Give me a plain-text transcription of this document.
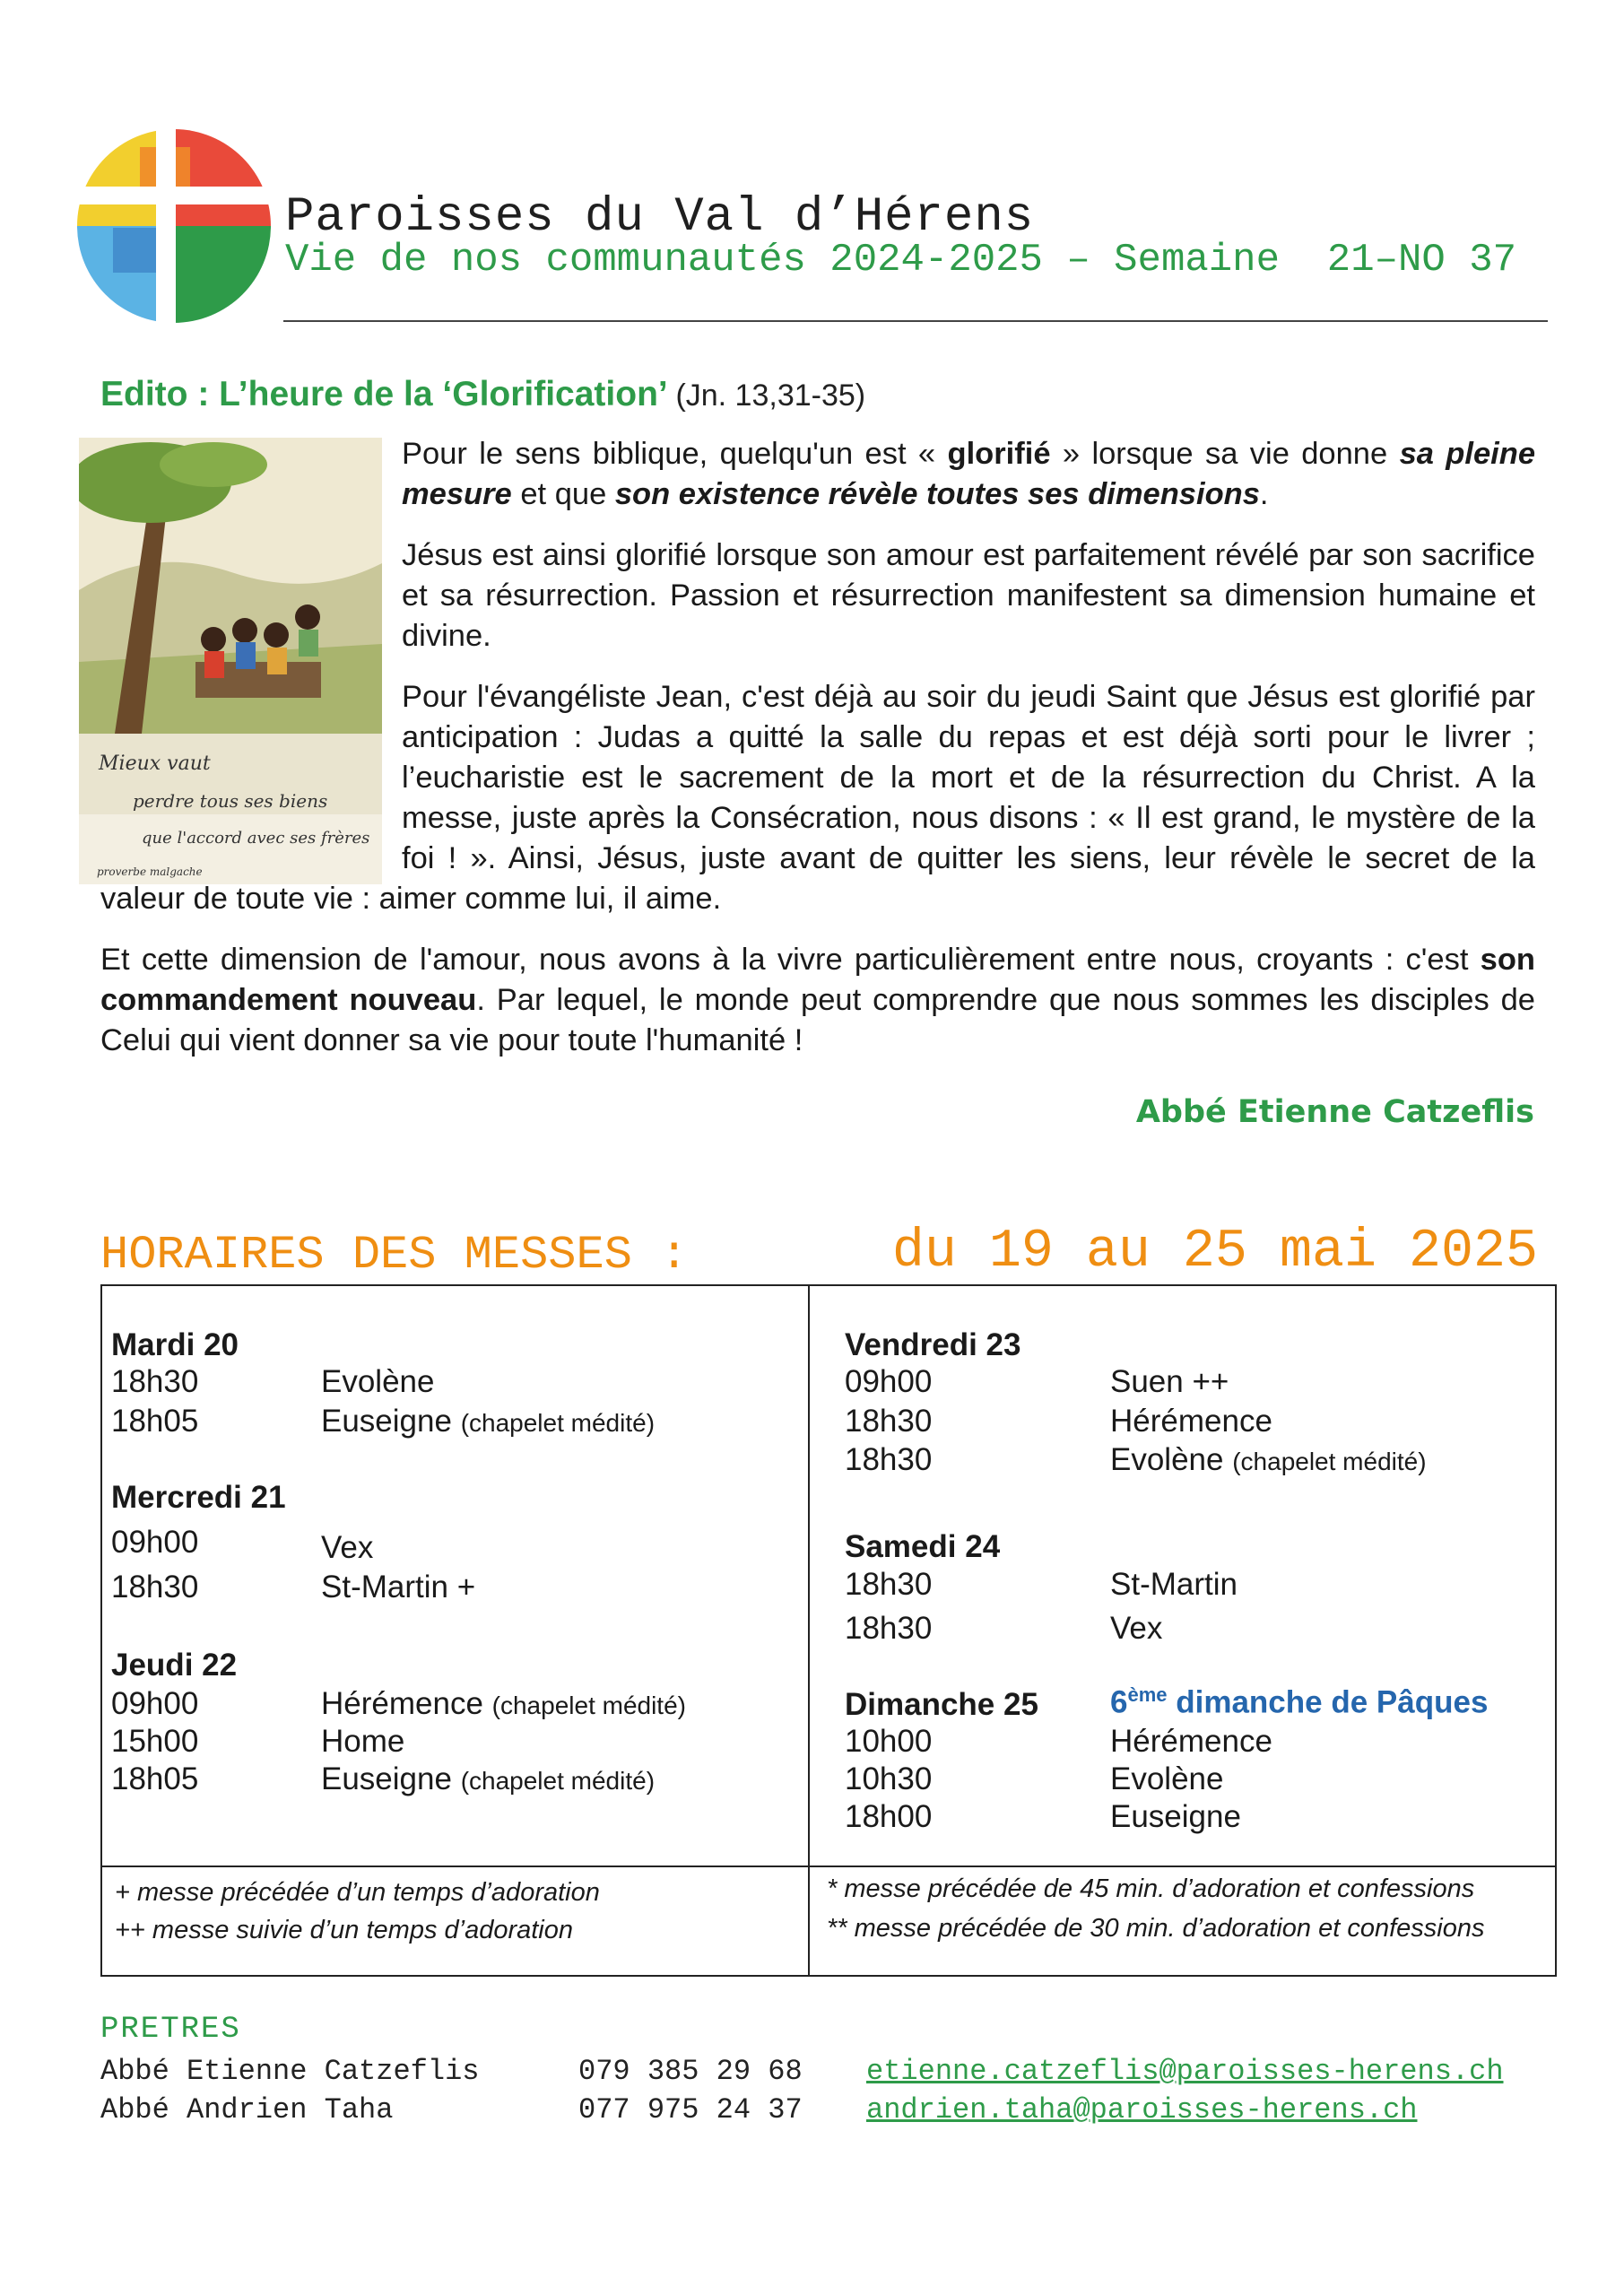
Paroisses du Val d’Hérens
Vie de nos communautés 2024-2025 – Semaine  21–NO 37
Edito : L’heure de la ‘Glorification’ (Jn. 13,31-35)
Mieux vaut
perdre tous ses biens
que l'accord avec ses frères
proverbe malgache

Pour le sens biblique, quelqu'un est « glorifié » lorsque sa vie donne sa pleine mesure et que son existence révèle toutes ses dimensions.

Jésus est ainsi glorifié lorsque son amour est parfaitement révélé par son sacrifice et sa résurrection. Passion et résurrection manifestent sa dimension humaine et divine.

Pour l'évangéliste Jean, c'est déjà au soir du jeudi Saint que Jésus est glorifié par anticipation : Judas a quitté la salle du repas et est déjà sorti pour le livrer ; l’eucharistie est le sacrement de la mort et de la résurrection du Christ. A la messe, juste après la Consécration, nous disons : « Il est grand, le mystère de la foi ! ». Ainsi, Jésus, juste avant de quitter les siens, leur révèle le secret de la valeur de toute vie : aimer comme lui, il aime.

Et cette dimension de l'amour, nous avons à la vivre particulièrement entre nous, croyants : c'est son commandement nouveau. Par lequel, le monde peut comprendre que nous sommes les disciples de Celui qui vient donner sa vie pour toute l'humanité !

Abbé Etienne Catzeflis
HORAIRES DES MESSES :	du 19 au 25 mai 2025
Mardi 20
18h30	Evolène
18h05	Euseigne (chapelet médité)
Mercredi 21
09h00	Vex
18h30	St-Martin +
Jeudi 22
09h00	Hérémence (chapelet médité)
15h00	Home
18h05	Euseigne (chapelet médité)
Vendredi 23
09h00	Suen ++
18h30	Hérémence
18h30	Evolène (chapelet médité)
Samedi 24
18h30	St-Martin
18h30	Vex
Dimanche 25 6ème dimanche de Pâques
10h00	Hérémence
10h30	Evolène
18h00	Euseigne
+ messe précédée d’un temps d’adoration
++ messe suivie d’un temps d’adoration
* messe précédée de 45 min. d’adoration et confessions
** messe précédée de 30 min. d’adoration et confessions
PRETRES
Abbé Etienne Catzeflis	079 385 29 68 etienne.catzeflis@paroisses-herens.ch
Abbé Andrien Taha	077 975 24 37 andrien.taha@paroisses-herens.ch
